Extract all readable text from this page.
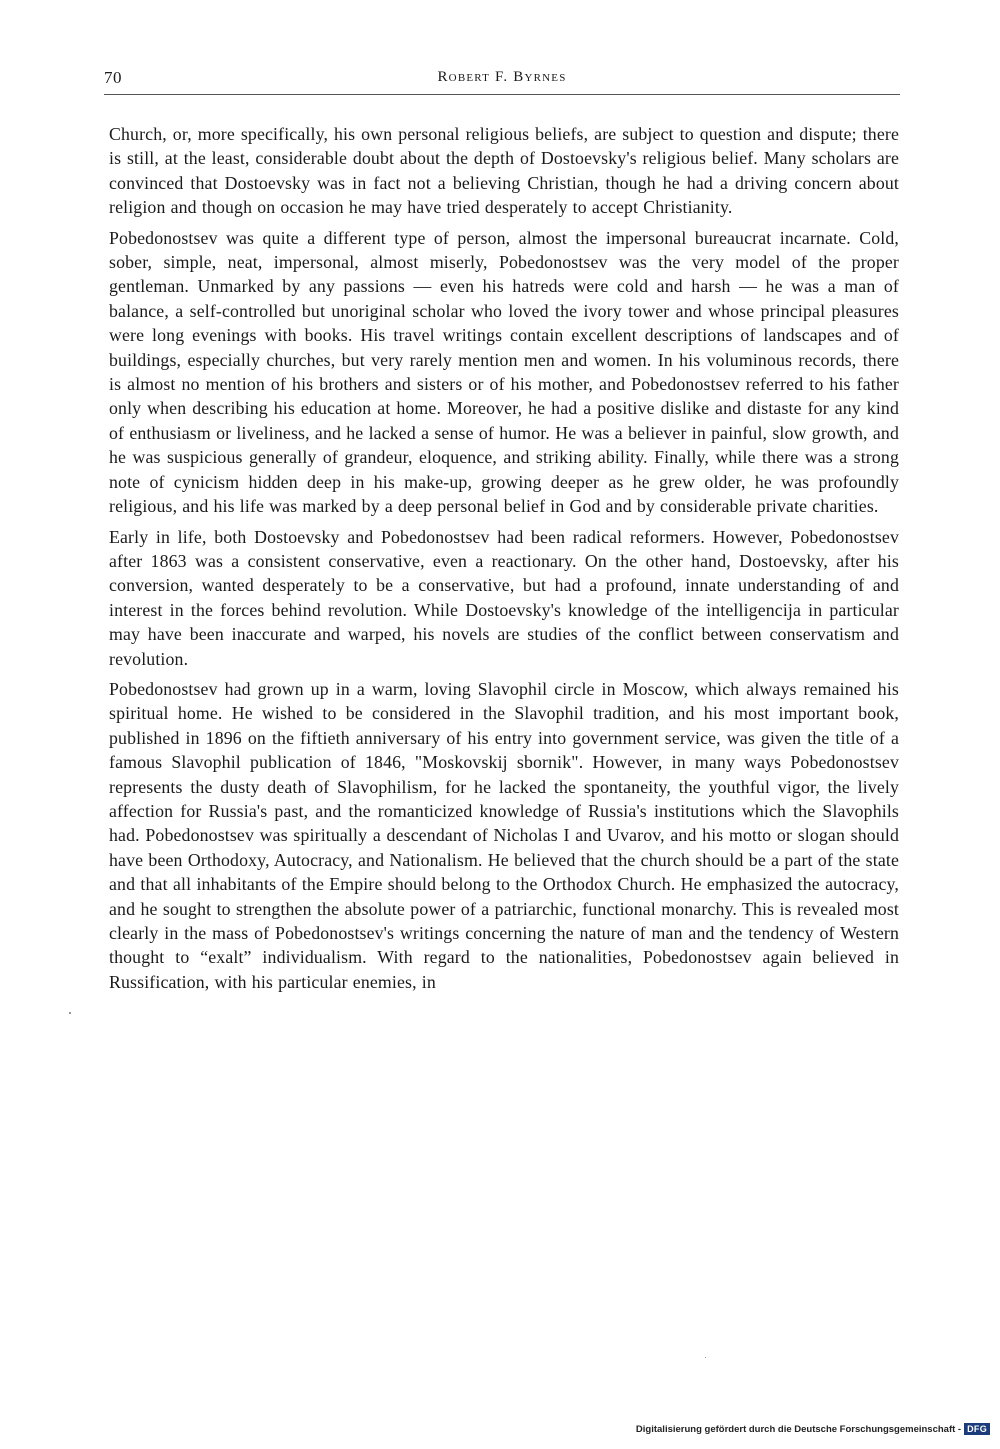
70	Robert F. Byrnes

Church, or, more specifically, his own personal religious beliefs, are subject to question and dispute; there is still, at the least, considerable doubt about the depth of Dostoevsky's religious belief. Many scholars are convinced that Dostoevsky was in fact not a believing Christian, though he had a driving concern about religion and though on occasion he may have tried desperately to accept Christianity.

Pobedonostsev was quite a different type of person, almost the impersonal bureaucrat incarnate. Cold, sober, simple, neat, impersonal, almost miserly, Pobedonostsev was the very model of the proper gentleman. Unmarked by any passions — even his hatreds were cold and harsh — he was a man of balance, a self-controlled but unoriginal scholar who loved the ivory tower and whose principal pleasures were long evenings with books. His travel writings contain excellent descriptions of landscapes and of buildings, especially churches, but very rarely mention men and women. In his voluminous records, there is almost no mention of his brothers and sisters or of his mother, and Pobedonostsev referred to his father only when describing his education at home. Moreover, he had a positive dislike and distaste for any kind of enthusiasm or liveliness, and he lacked a sense of humor. He was a believer in painful, slow growth, and he was suspicious generally of grandeur, eloquence, and striking ability. Finally, while there was a strong note of cynicism hidden deep in his make-up, growing deeper as he grew older, he was profoundly religious, and his life was marked by a deep personal belief in God and by considerable private charities.

Early in life, both Dostoevsky and Pobedonostsev had been radical reformers. However, Pobedonostsev after 1863 was a consistent conservative, even a reactionary. On the other hand, Dostoevsky, after his conversion, wanted desperately to be a conservative, but had a profound, innate understanding of and interest in the forces behind revolution. While Dostoevsky's knowledge of the intelligencija in particular may have been inaccurate and warped, his novels are studies of the conflict between conservatism and revolution.

Pobedonostsev had grown up in a warm, loving Slavophil circle in Moscow, which always remained his spiritual home. He wished to be considered in the Slavophil tradition, and his most important book, published in 1896 on the fiftieth anniversary of his entry into government service, was given the title of a famous Slavophil publication of 1846, "Moskovskij sbornik". However, in many ways Pobedonostsev represents the dusty death of Slavophilism, for he lacked the spontaneity, the youthful vigor, the lively affection for Russia's past, and the romanticized knowledge of Russia's institutions which the Slavophils had. Pobedonostsev was spiritually a descendant of Nicholas I and Uvarov, and his motto or slogan should have been Orthodoxy, Autocracy, and Nationalism. He believed that the church should be a part of the state and that all inhabitants of the Empire should belong to the Orthodox Church. He emphasized the autocracy, and he sought to strengthen the absolute power of a patriarchic, functional monarchy. This is revealed most clearly in the mass of Pobedonostsev's writings concerning the nature of man and the tendency of Western thought to “exalt” individualism. With regard to the nationalities, Pobedonostsev again believed in Russification, with his particular enemies, in

Digitalisierung gefördert durch die Deutsche Forschungsgemeinschaft - DFG
